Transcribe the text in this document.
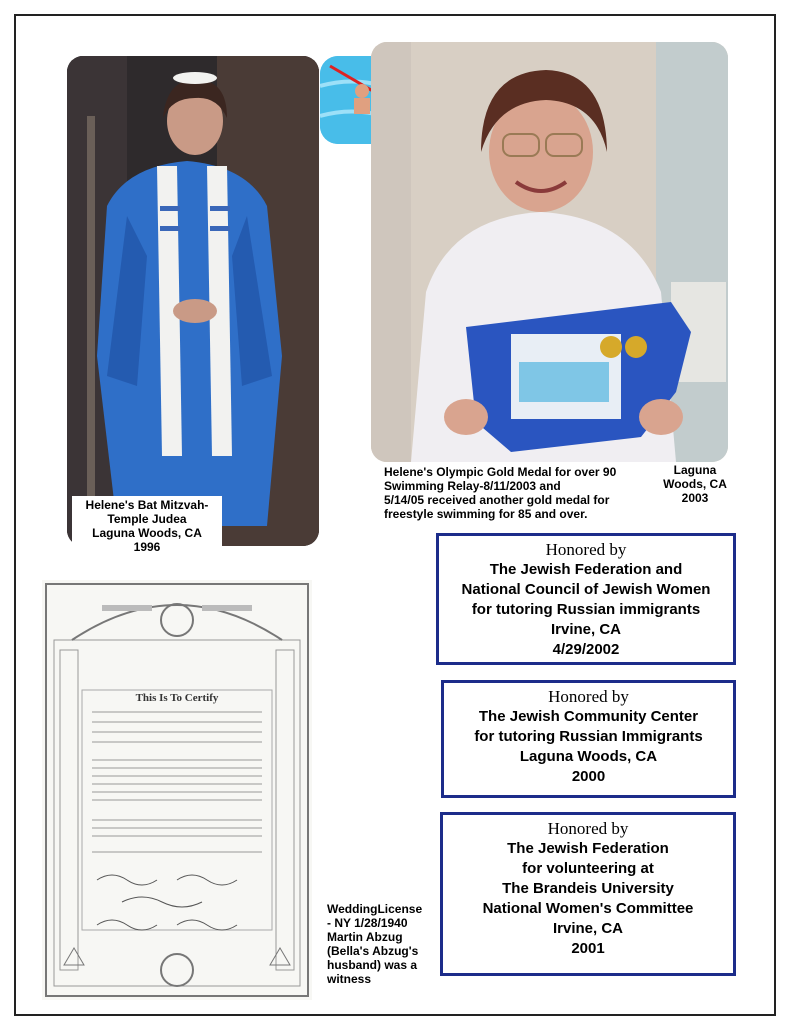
Helene's Bat Mitzvah-
Temple Judea
Laguna Woods, CA
1996
Helene's Olympic Gold Medal for over 90
Swimming Relay-8/11/2003 and
5/14/05 received another gold medal for
freestyle swimming for 85 and over.
Laguna
Woods, CA
2003
Honored by
The Jewish Federation and
National Council of Jewish Women
for tutoring Russian immigrants
Irvine, CA
4/29/2002
Honored by
The Jewish Community Center
for tutoring Russian Immigrants
Laguna Woods, CA
2000
Honored by
The Jewish Federation
for volunteering at
The Brandeis University
National Women's Committee
Irvine, CA
2001
This Is To Certify
WeddingLicense
- NY 1/28/1940
Martin Abzug
(Bella's Abzug's
husband) was a
witness
